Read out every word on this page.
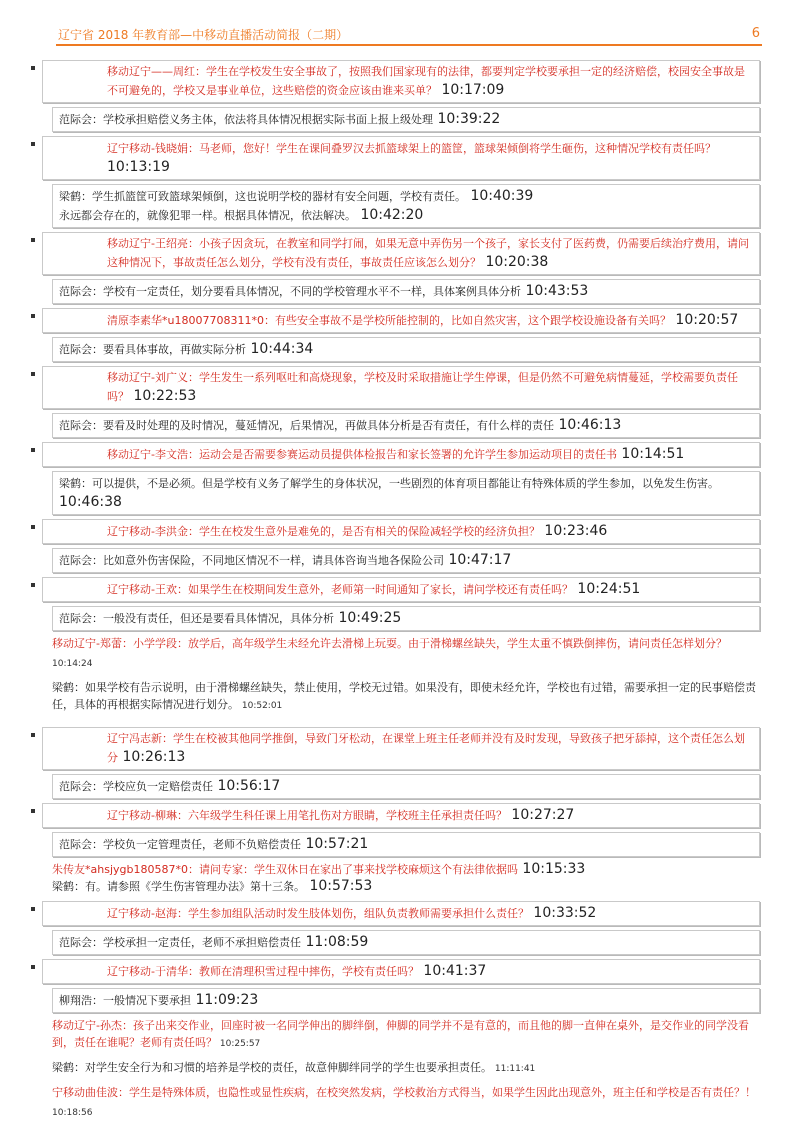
辽宁省 2018 年教育部—中移动直播活动简报（二期）	6

移动辽宁——周红：学生在学校发生安全事故了，按照我们国家现有的法律，都要判定学校要承担一定的经济赔偿，校园安全事故是不可避免的，学校又是事业单位，这些赔偿的资金应该由谁来买单？ 10:17:09

范际会：学校承担赔偿义务主体，依法将具体情况根据实际书面上报上级处理 10:39:22

辽宁移动-钱晓娟：马老师，您好！学生在课间叠罗汉去抓篮球架上的篮筐，篮球架倾倒将学生砸伤，这种情况学校有责任吗？ 10:13:19

梁鹤：学生抓篮筐可致篮球架倾倒，这也说明学校的器材有安全问题，学校有责任。 10:40:39

永远都会存在的，就像犯罪一样。根据具体情况，依法解决。 10:42:20

移动辽宁-王绍亮：小孩子因贪玩，在教室和同学打闹，如果无意中弄伤另一个孩子，家长支付了医药费，仍需要后续治疗费用，请问这种情况下，事故责任怎么划分，学校有没有责任，事故责任应该怎么划分？ 10:20:38

范际会：学校有一定责任，划分要看具体情况，不同的学校管理水平不一样，具体案例具体分析 10:43:53

清原李素华*u18007708311*0：有些安全事故不是学校所能控制的，比如自然灾害，这个跟学校设施设备有关吗？ 10:20:57

范际会：要看具体事故，再做实际分析 10:44:34

移动辽宁-刘广义：学生发生一系列呕吐和高烧现象，学校及时采取措施让学生停课，但是仍然不可避免病情蔓延，学校需要负责任吗？ 10:22:53

范际会：要看及时处理的及时情况，蔓延情况，后果情况，再做具体分析是否有责任，有什么样的责任 10:46:13

移动辽宁-李文浩：运动会是否需要参赛运动员提供体检报告和家长签署的允许学生参加运动项目的责任书 10:14:51

梁鹤：可以提供，不是必须。但是学校有义务了解学生的身体状况，一些剧烈的体育项目都能让有特殊体质的学生参加，以免发生伤害。 10:46:38

辽宁移动-李洪金：学生在校发生意外是难免的，是否有相关的保险减轻学校的经济负担？ 10:23:46

范际会：比如意外伤害保险，不同地区情况不一样，请具体咨询当地各保险公司 10:47:17

辽宁移动-王欢：如果学生在校期间发生意外，老师第一时间通知了家长，请问学校还有责任吗？ 10:24:51

范际会：一般没有责任，但还是要看具体情况，具体分析 10:49:25

移动辽宁-郑蕾：小学学段：放学后，高年级学生未经允许去滑梯上玩耍。由于滑梯螺丝缺失，学生太重不慎跌倒摔伤，请问责任怎样划分？ 10:14:24

梁鹤：如果学校有告示说明，由于滑梯螺丝缺失，禁止使用，学校无过错。如果没有，即使未经允许，学校也有过错，需要承担一定的民事赔偿责任，具体的再根据实际情况进行划分。 10:52:01

辽宁冯志新：学生在校被其他同学推倒，导致门牙松动，在课堂上班主任老师并没有及时发现，导致孩子把牙舔掉，这个责任怎么划分 10:26:13

范际会：学校应负一定赔偿责任 10:56:17

辽宁移动-柳琳：六年级学生科任课上用笔扎伤对方眼睛，学校班主任承担责任吗？ 10:27:27

范际会：学校负一定管理责任，老师不负赔偿责任 10:57:21

朱传友*ahsjygb180587*0：请问专家：学生双休日在家出了事来找学校麻烦这个有法律依据吗 10:15:33

梁鹤：有。请参照《学生伤害管理办法》第十三条。 10:57:53

辽宁移动-赵海：学生参加组队活动时发生肢体划伤，组队负责教师需要承担什么责任？ 10:33:52

范际会：学校承担一定责任，老师不承担赔偿责任 11:08:59

辽宁移动-于清华：教师在清理积雪过程中摔伤，学校有责任吗？ 10:41:37

柳翔浩：一般情况下要承担 11:09:23

移动辽宁-孙杰：孩子出来交作业，回座时被一名同学伸出的脚绊倒，伸脚的同学并不是有意的，而且他的脚一直伸在桌外，是交作业的同学没看到，责任在谁呢？老师有责任吗？ 10:25:57

梁鹤：对学生安全行为和习惯的培养是学校的责任，故意伸脚绊同学的学生也要承担责任。 11:11:41

宁移动曲佳波：学生是特殊体质，也隐性或显性疾病，在校突然发病，学校救治方式得当，如果学生因此出现意外，班主任和学校是否有责任？！ 10:18:56
